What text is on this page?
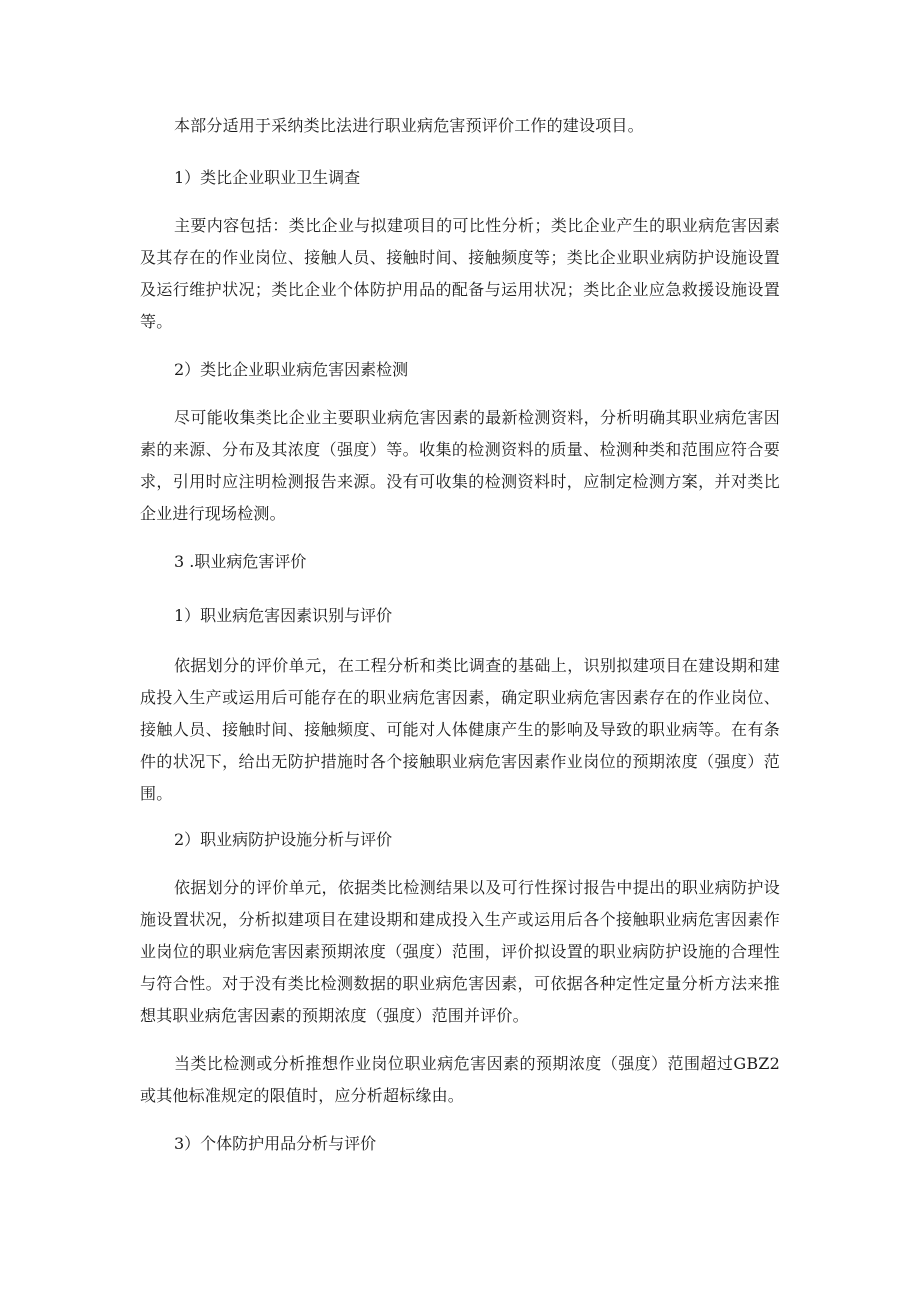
本部分适用于采纳类比法进行职业病危害预评价工作的建设项目。

1）类比企业职业卫生调查

主要内容包括：类比企业与拟建项目的可比性分析；类比企业产生的职业病危害因素及其存在的作业岗位、接触人员、接触时间、接触频度等；类比企业职业病防护设施设置及运行维护状况；类比企业个体防护用品的配备与运用状况；类比企业应急救援设施设置等。

2）类比企业职业病危害因素检测

尽可能收集类比企业主要职业病危害因素的最新检测资料，分析明确其职业病危害因素的来源、分布及其浓度（强度）等。收集的检测资料的质量、检测种类和范围应符合要求，引用时应注明检测报告来源。没有可收集的检测资料时，应制定检测方案，并对类比企业进行现场检测。

3 .职业病危害评价

1）职业病危害因素识别与评价

依据划分的评价单元，在工程分析和类比调查的基础上，识别拟建项目在建设期和建成投入生产或运用后可能存在的职业病危害因素，确定职业病危害因素存在的作业岗位、接触人员、接触时间、接触频度、可能对人体健康产生的影响及导致的职业病等。在有条件的状况下，给出无防护措施时各个接触职业病危害因素作业岗位的预期浓度（强度）范围。

2）职业病防护设施分析与评价

依据划分的评价单元，依据类比检测结果以及可行性探讨报告中提出的职业病防护设施设置状况，分析拟建项目在建设期和建成投入生产或运用后各个接触职业病危害因素作业岗位的职业病危害因素预期浓度（强度）范围，评价拟设置的职业病防护设施的合理性与符合性。对于没有类比检测数据的职业病危害因素，可依据各种定性定量分析方法来推想其职业病危害因素的预期浓度（强度）范围并评价。

当类比检测或分析推想作业岗位职业病危害因素的预期浓度（强度）范围超过GBZ2或其他标准规定的限值时，应分析超标缘由。

3）个体防护用品分析与评价
